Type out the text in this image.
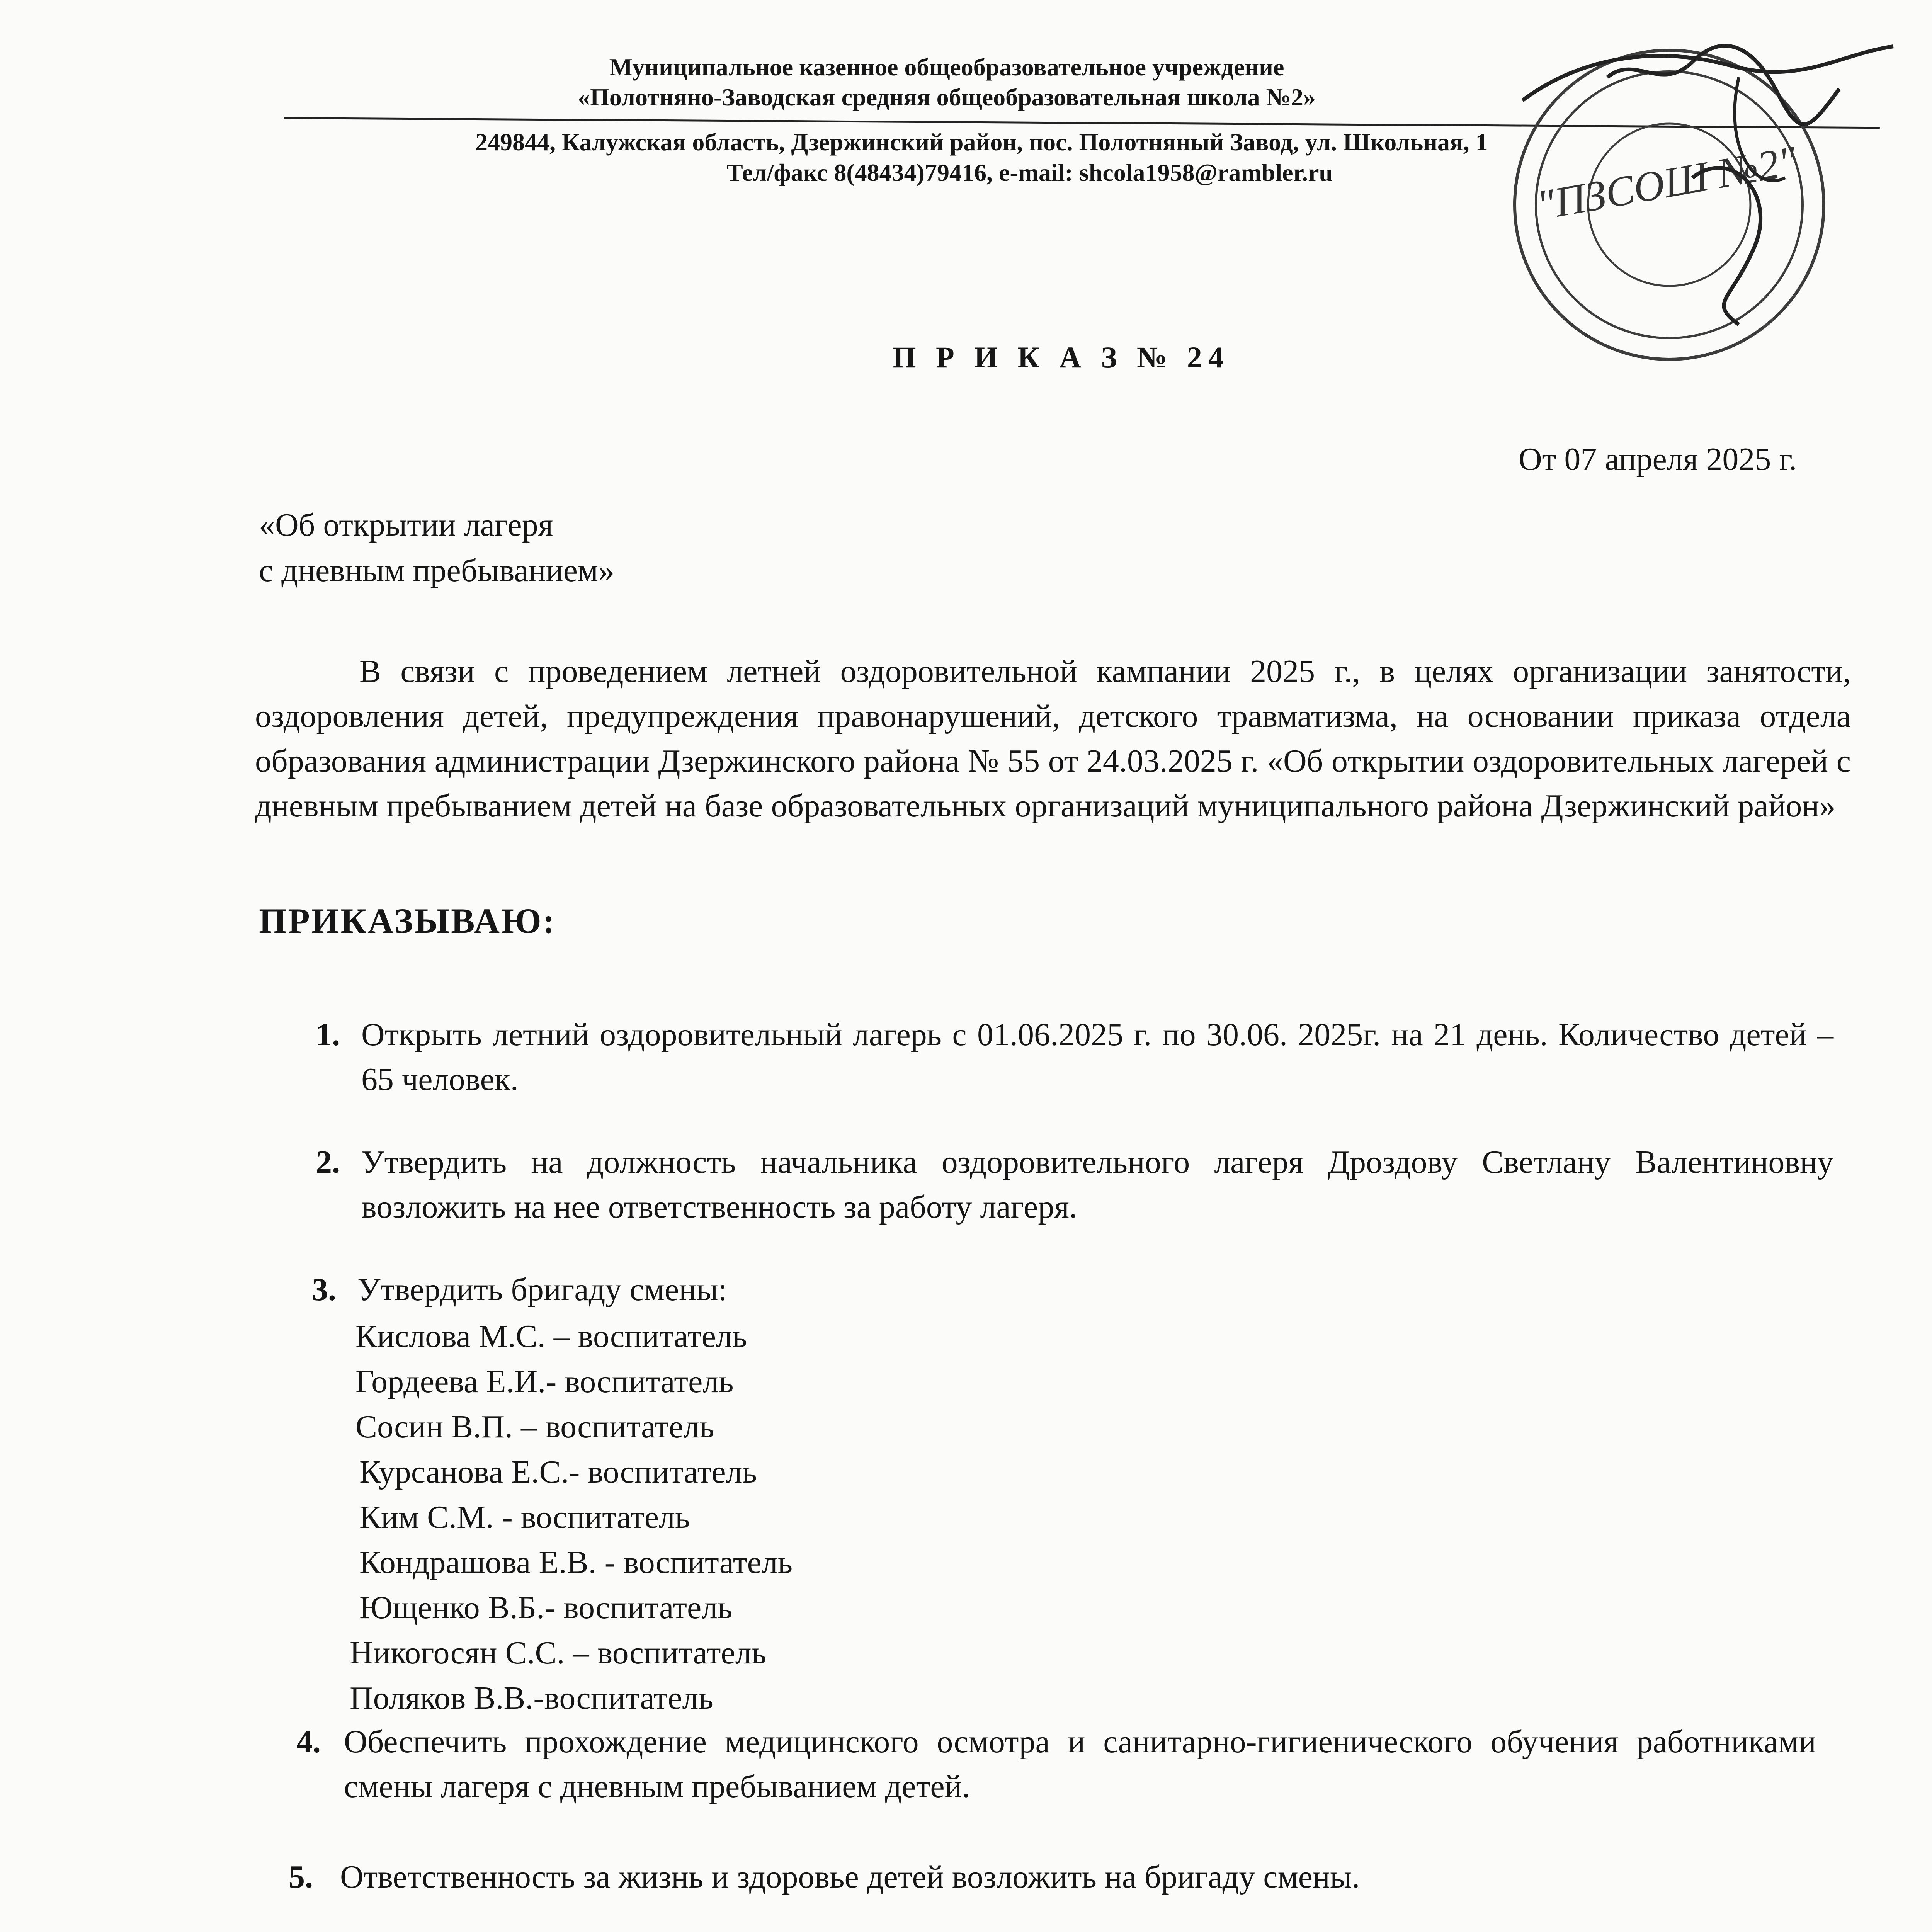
Муниципальное казенное общеобразовательное учреждение
«Полотняно-Заводская средняя общеобразовательная школа №2»
249844, Калужская область, Дзержинский район, пос. Полотняный Завод, ул. Школьная, 1
Тел/факс 8(48434)79416, e-mail: shcola1958@rambler.ru	"ПЗСОШ №2"
П Р И К А З № 24
От 07 апреля 2025 г.
«Об открытии лагеря
с дневным пребыванием»
В связи с проведением летней оздоровительной кампании 2025 г., в целях организации занятости, оздоровления детей, предупреждения правонарушений, детского травматизма, на основании приказа отдела образования администрации Дзержинского района № 55 от 24.03.2025 г. «Об открытии оздоровительных лагерей с дневным пребыванием детей на базе образовательных организаций муниципального района Дзержинский район»
ПРИКАЗЫВАЮ:
1. Открыть летний оздоровительный лагерь с 01.06.2025 г. по 30.06. 2025г. на 21 день. Количество детей – 65 человек.
2. Утвердить на должность начальника оздоровительного лагеря Дроздову Светлану Валентиновну возложить на нее ответственность за работу лагеря.
3. Утвердить бригаду смены:
Кислова М.С. – воспитатель
Гордеева Е.И.- воспитатель
Сосин В.П. – воспитатель
Курсанова Е.С.- воспитатель
Ким С.М. - воспитатель
Кондрашова Е.В. - воспитатель
Ющенко В.Б.- воспитатель
Никогосян С.С. – воспитатель
Поляков В.В.-воспитатель
4. Обеспечить прохождение медицинского осмотра и санитарно-гигиенического обучения работниками смены лагеря с дневным пребыванием детей.
5. Ответственность за жизнь и здоровье детей возложить на бригаду смены.
